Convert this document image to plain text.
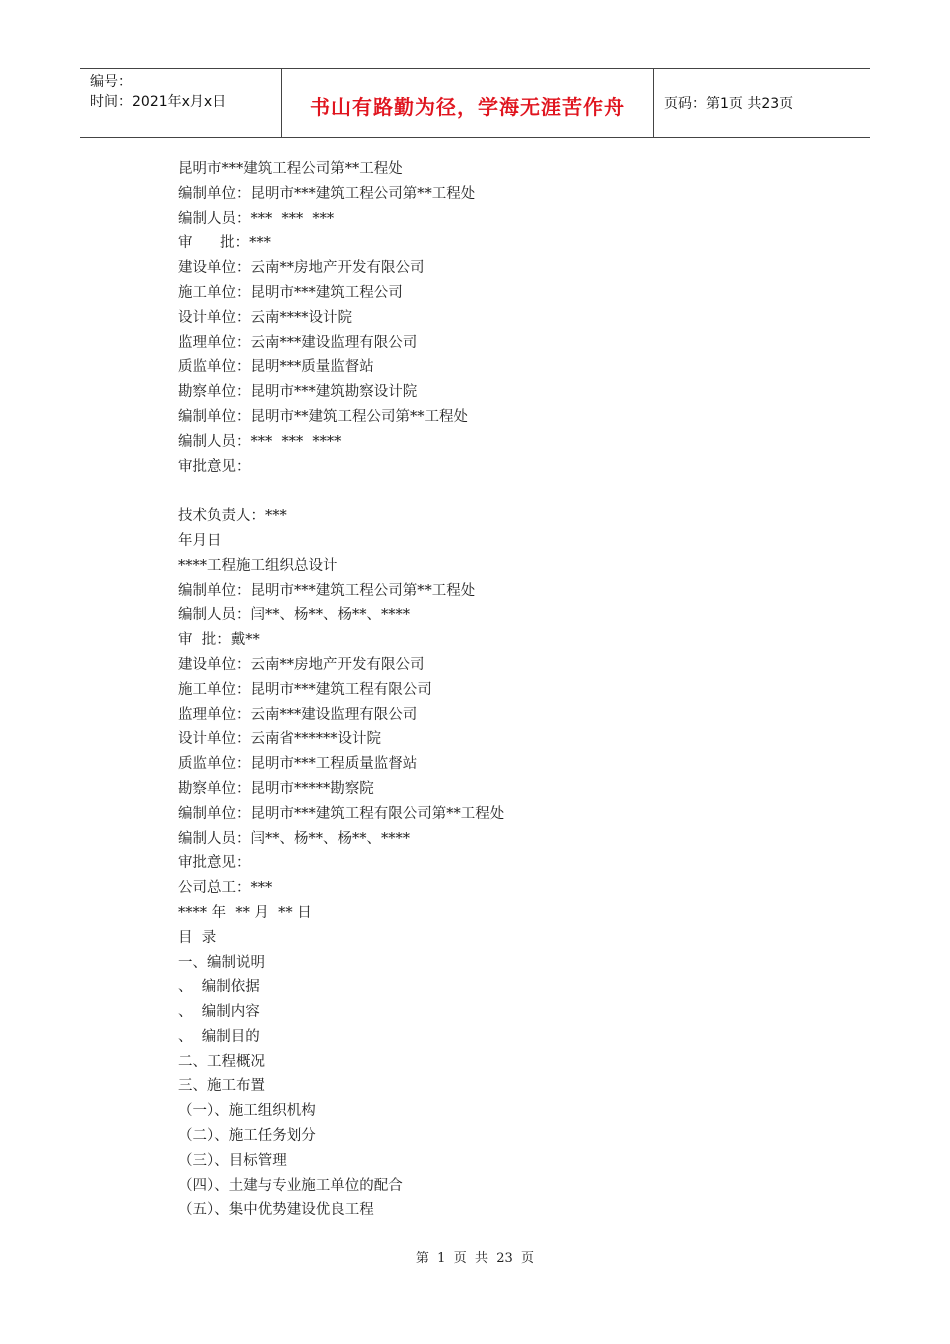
编号：
时间：2021年x月x日	书山有路勤为径，学海无涯苦作舟	页码：第1页 共23页
昆明市***建筑工程公司第**工程处
编制单位：昆明市***建筑工程公司第**工程处
编制人员：***  ***  ***
审      批：***
建设单位：云南**房地产开发有限公司
施工单位：昆明市***建筑工程公司
设计单位：云南****设计院
监理单位：云南***建设监理有限公司
质监单位：昆明***质量监督站
勘察单位：昆明市***建筑勘察设计院
编制单位：昆明市**建筑工程公司第**工程处
编制人员：***  ***  ****
审批意见：
技术负责人：***
年月日
****工程施工组织总设计
编制单位：昆明市***建筑工程公司第**工程处
编制人员：闫**、杨**、杨**、****
审  批：戴**
建设单位：云南**房地产开发有限公司
施工单位：昆明市***建筑工程有限公司
监理单位：云南***建设监理有限公司
设计单位：云南省******设计院
质监单位：昆明市***工程质量监督站
勘察单位：昆明市*****勘察院
编制单位：昆明市***建筑工程有限公司第**工程处
编制人员：闫**、杨**、杨**、****
审批意见：
公司总工：***
**** 年  ** 月  ** 日
目  录
一、编制说明
、  编制依据
、  编制内容
、  编制目的
二、工程概况
三、施工布置
（一）、施工组织机构
（二）、施工任务划分
（三）、目标管理
（四）、土建与专业施工单位的配合
（五）、集中优势建设优良工程
第  1  页  共  23  页
